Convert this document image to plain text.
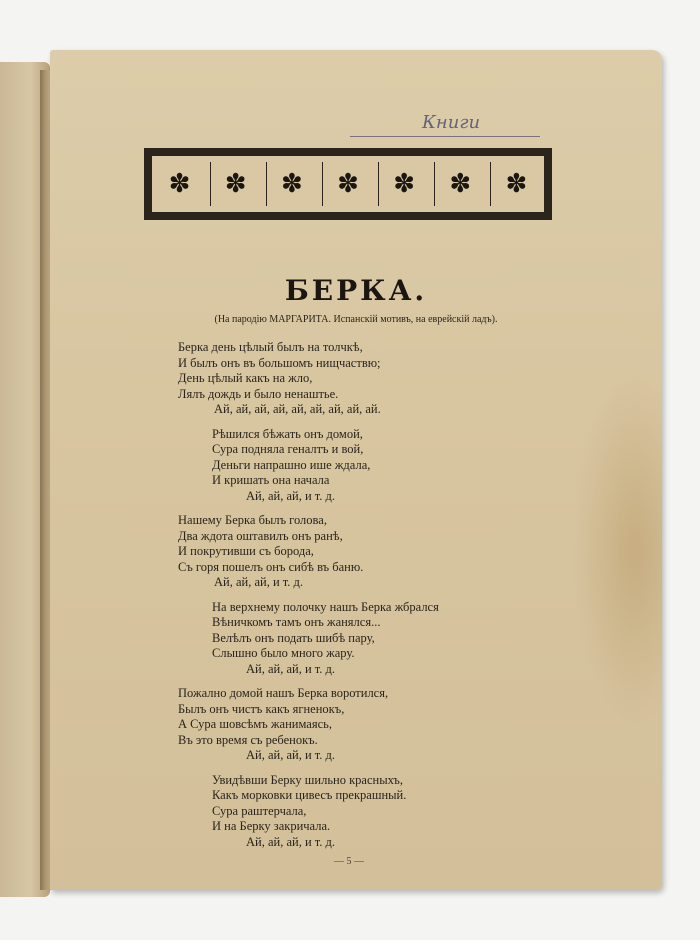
Книги
✽	✽	✽	✽	✽	✽	✽
БЕРКА.
(На пародію МАРГАРИТА. Испанскій мотивъ, на еврейскій ладъ).
Берка день цѣлый былъ на толчкѣ,
И былъ онъ въ большомъ нищчаствю;
День цѣлый какъ на жло,
Лялъ дождь и было ненаштье.
Ай, ай, ай, ай, ай, ай, ай, ай, ай.
Рѣшился бѣжать онъ домой,
Сура подняла геналтъ и вой,
Деньги напрашно ише ждала,
И кришать она начала
Ай, ай, ай, и т. д.
Нашему Берка былъ голова,
Два ждота оштавилъ онъ ранѣ,
И покрутивши съ борода,
Съ горя пошелъ онъ сибѣ въ баню.
Ай, ай, ай, и т. д.
На верхнему полочку нашъ Берка жбрался
Вѣничкомъ тамъ онъ жанялся...
Велѣлъ онъ подать шибѣ пару,
Слышно было много жару.
Ай, ай, ай, и т. д.
Пожално домой нашъ Берка воротился,
Былъ онъ чистъ какъ ягненокъ,
А Сура шовсѣмъ жанимаясь,
Въ это время съ ребенокъ.
Ай, ай, ай, и т. д.
Увидѣвши Берку шильно красныхъ,
Какъ морковки цивесъ прекрашный.
Сура раштерчала,
И на Берку закричала.
Ай, ай, ай, и т. д.
— 5 —
